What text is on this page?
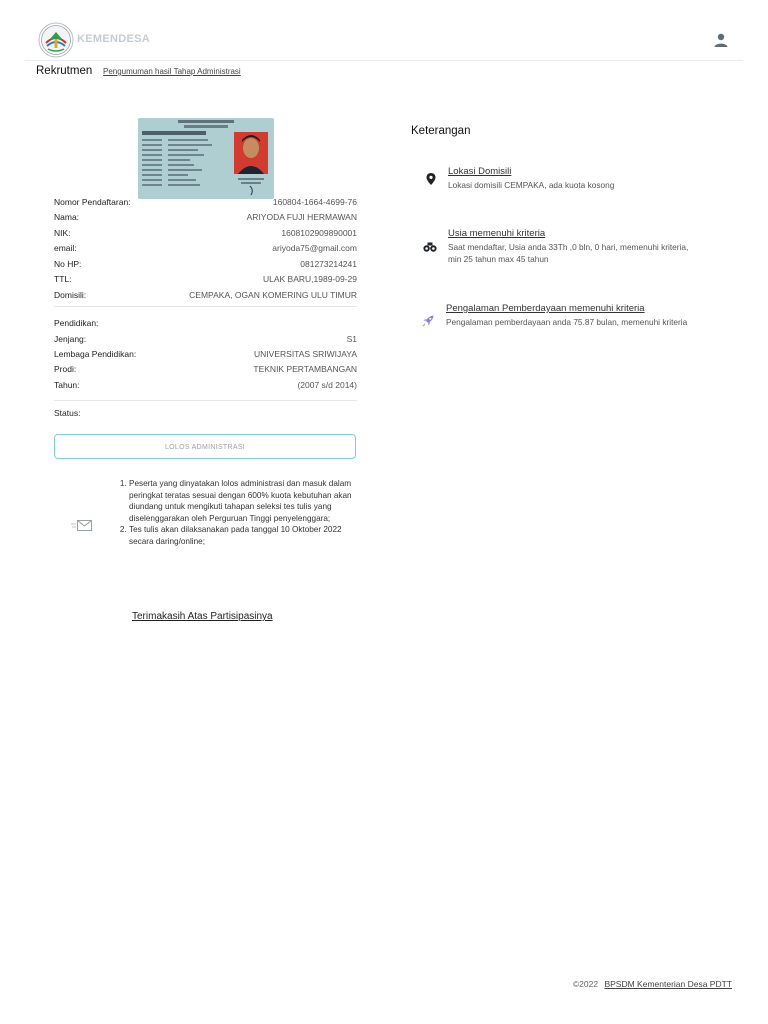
KEMENDESA
Rekrutmen Pengumuman hasil Tahap Administrasi
Nomor Pendaftaran:	160804-1664-4699-76
Nama:	ARIYODA FUJI HERMAWAN
NIK:	1608102909890001
email:	ariyoda75@gmail.com
No HP:	081273214241
TTL:	ULAK BARU,1989-09-29
Domisili:	CEMPAKA, OGAN KOMERING ULU TIMUR
Pendidikan:
Jenjang:	S1
Lembaga Pendidikan:	UNIVERSITAS SRIWIJAYA
Prodi:	TEKNIK PERTAMBANGAN
Tahun:	(2007 s/d 2014)
Status:
LOLOS ADMINISTRASI
1. Peserta yang dinyatakan lolos administrasi dan masuk dalam peringkat teratas sesuai dengan 600% kuota kebutuhan akan diundang untuk mengikuti tahapan seleksi tes tulis yang diselenggarakan oleh Perguruan Tinggi penyelenggara;
2. Tes tulis akan dilaksanakan pada tanggal 10 Oktober 2022 secara daring/online;
Terimakasih Atas Partisipasinya
Keterangan
Lokasi Domisili
Lokasi domisili CEMPAKA, ada kuota kosong
Usia memenuhi kriteria
Saat mendaftar, Usia anda 33Th ,0 bln, 0 hari, memenuhi kriteria, min 25 tahun max 45 tahun
Pengalaman Pemberdayaan memenuhi kriteria
Pengalaman pemberdayaan anda 75.87 bulan, memenuhi kriteria
©2022 BPSDM Kementerian Desa PDTT
